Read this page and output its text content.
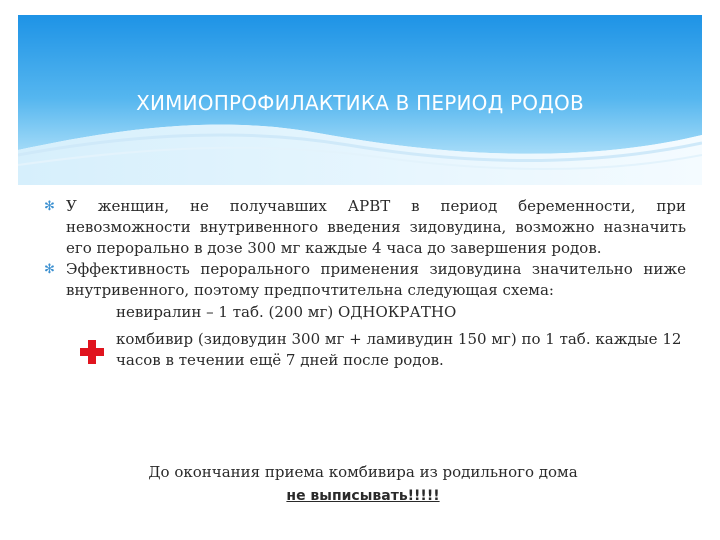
ХИМИОПРОФИЛАКТИКА В ПЕРИОД РОДОВ

✻ У женщин, не получавших АРВТ в период беременности, при невозможности внутривенного введения зидовудина, возможно назначить его перорально в дозе 300 мг каждые 4 часа до завершения родов.

✻ Эффективность перорального применения зидовудина значительно ниже внутривенного, поэтому предпочтительна следующая схема:

невиралин – 1 таб. (200 мг) ОДНОКРАТНО
комбивир (зидовудин 300 мг + ламивудин 150 мг) по 1 таб. каждые 12 часов в течении ещё 7 дней после родов.
До окончания приема комбивира из родильного дома
не выписывать!!!!!
